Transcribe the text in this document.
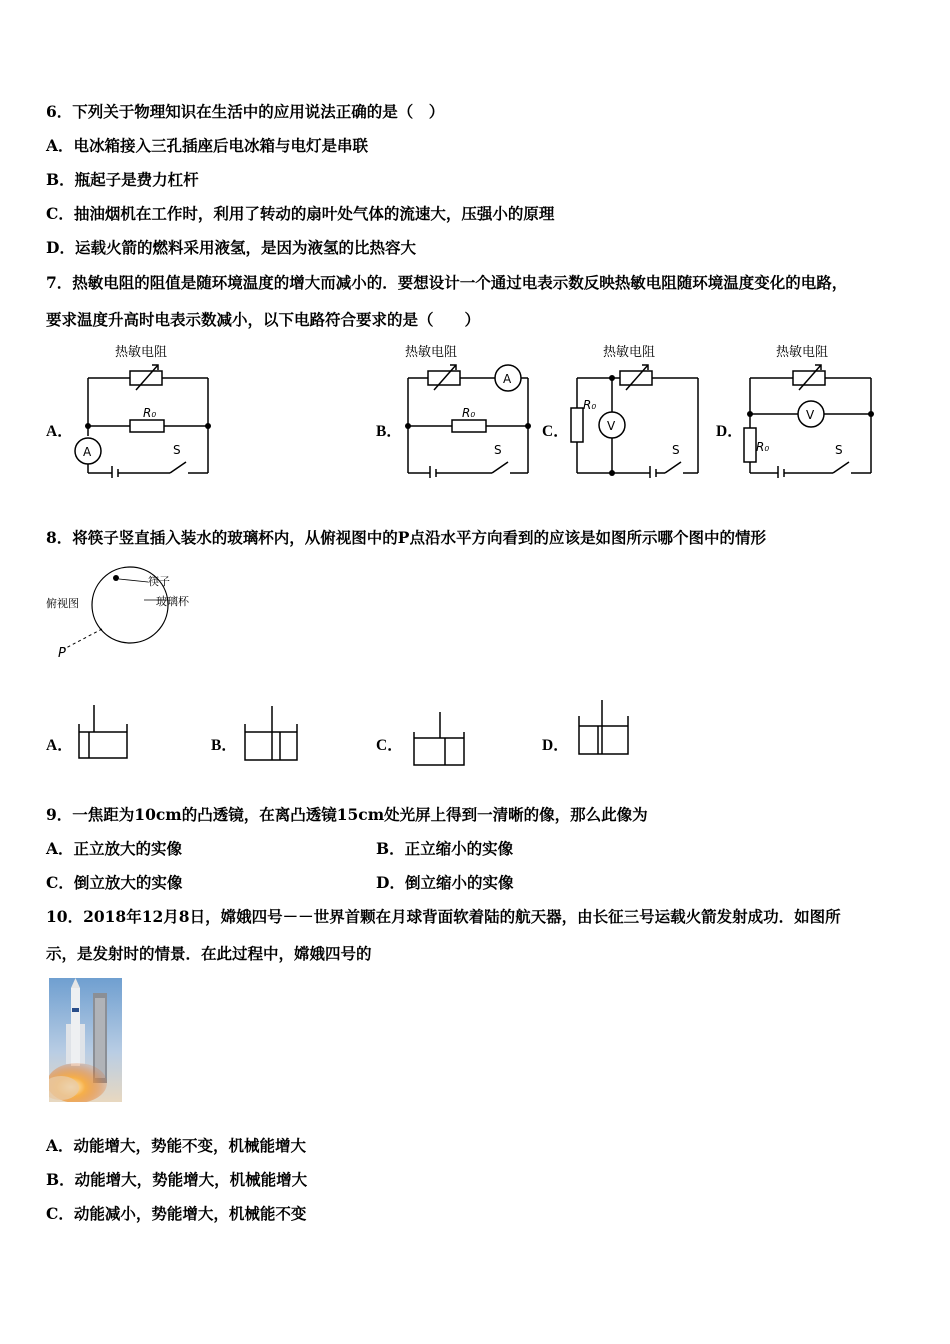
6．下列关于物理知识在生活中的应用说法正确的是（　）
A．电冰箱接入三孔插座后电冰箱与电灯是串联
B．瓶起子是费力杠杆
C．抽油烟机在工作时，利用了转动的扇叶处气体的流速大，压强小的原理
D．运载火箭的燃料采用液氢，是因为液氢的比热容大
7．热敏电阻的阻值是随环境温度的增大而减小的．要想设计一个通过电表示数反映热敏电阻随环境温度变化的电路，
要求温度升高时电表示数减小，以下电路符合要求的是（　　）
A．	B．	C．	D．
热敏电阻
R₀
S
A
热敏电阻
R₀
S
A
热敏电阻
R₀
S
V
热敏电阻
R₀	S
V
8．将筷子竖直插入装水的玻璃杯内，从俯视图中的P点沿水平方向看到的应该是如图所示哪个图中的情形
筷子
玻璃杯
俯视图
P
A．	B．	C．	D．
9．一焦距为10cm的凸透镜，在离凸透镜15cm处光屏上得到一清晰的像，那么此像为
A．正立放大的实像	B．正立缩小的实像
C．倒立放大的实像	D．倒立缩小的实像
10．2018年12月8日，嫦娥四号－－世界首颗在月球背面软着陆的航天器，由长征三号运载火箭发射成功．如图所
示，是发射时的情景．在此过程中，嫦娥四号的
A．动能增大，势能不变，机械能增大
B．动能增大，势能增大，机械能增大
C．动能减小，势能增大，机械能不变
